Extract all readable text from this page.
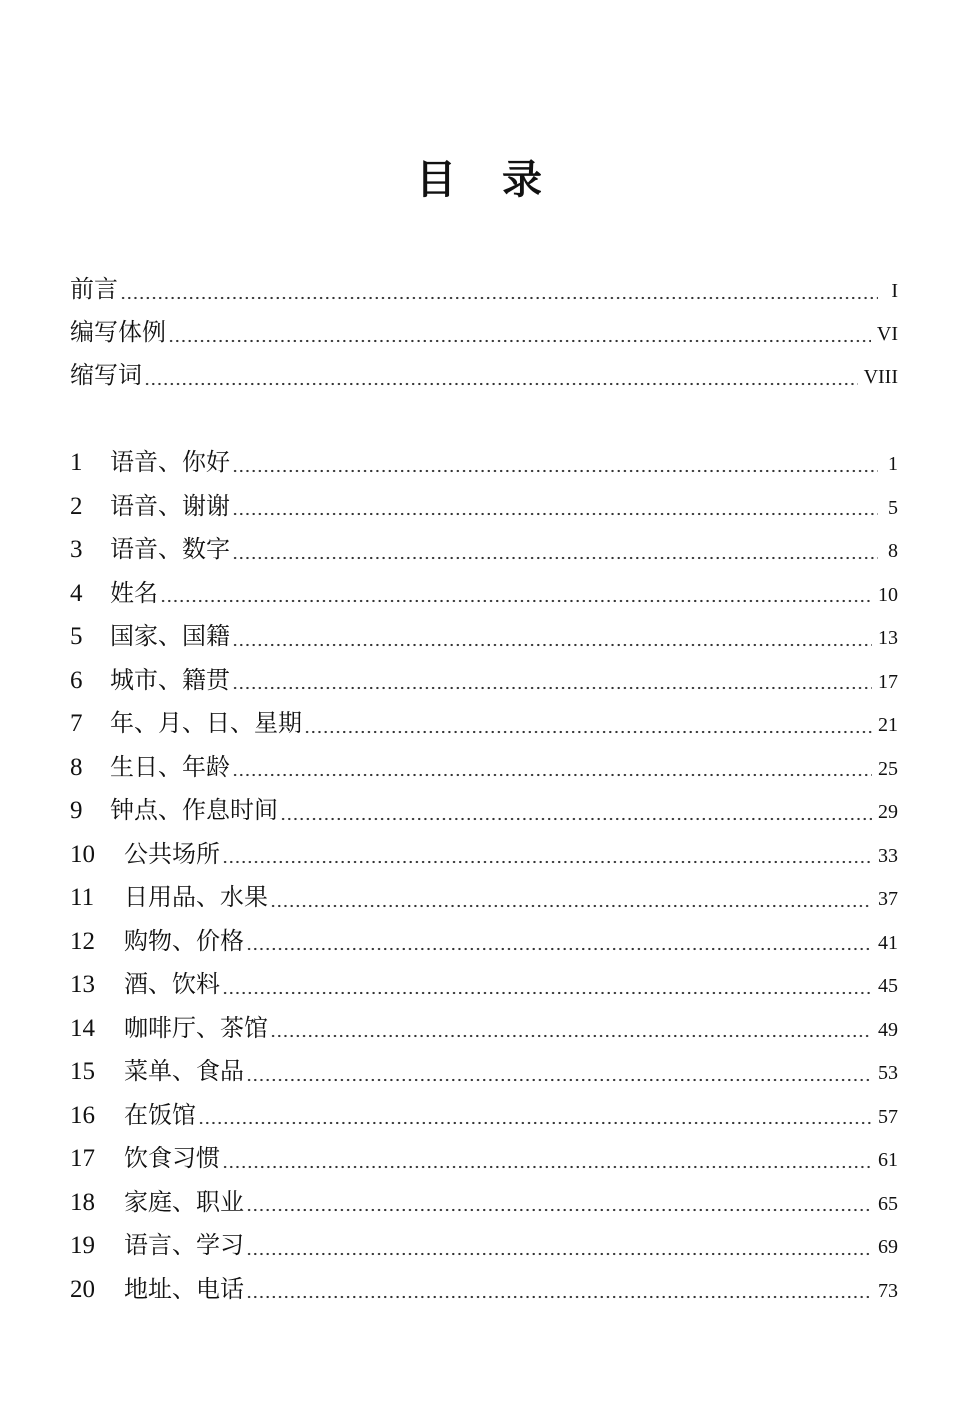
目 录
前言	I
编写体例	VI
缩写词	VIII
1	语音、你好	1
2	语音、谢谢	5
3	语音、数字	8
4	姓名	10
5	国家、国籍	13
6	城市、籍贯	17
7	年、月、日、星期	21
8	生日、年龄	25
9	钟点、作息时间	29
10	公共场所	33
11	日用品、水果	37
12	购物、价格	41
13	酒、饮料	45
14	咖啡厅、茶馆	49
15	菜单、食品	53
16	在饭馆	57
17	饮食习惯	61
18	家庭、职业	65
19	语言、学习	69
20	地址、电话	73
